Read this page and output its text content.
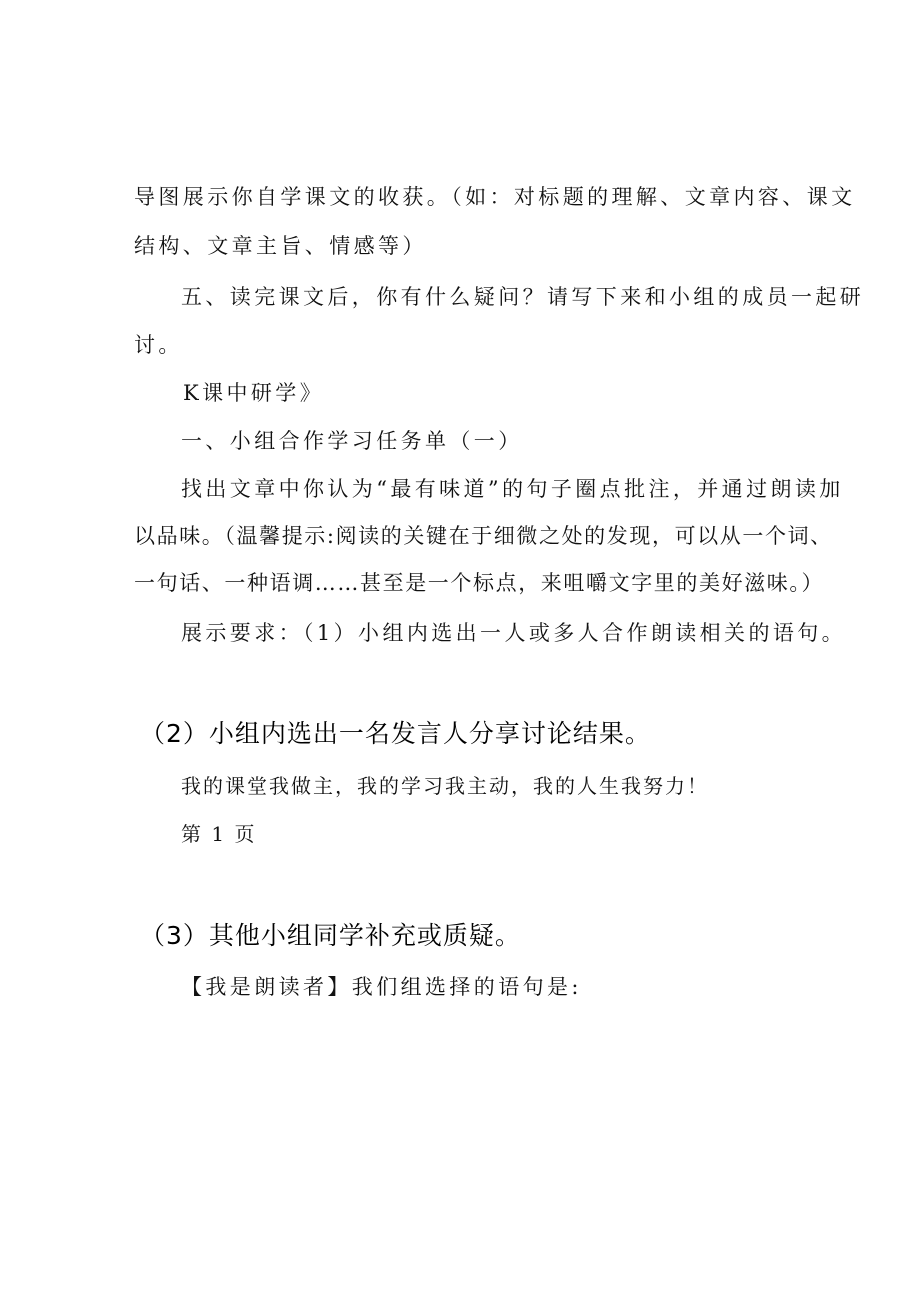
导图展示你自学课文的收获。（如：对标题的理解、文章内容、课文
结构、文章主旨、情感等）
五、读完课文后，你有什么疑问？请写下来和小组的成员一起研
讨。
K课中研学》
一、小组合作学习任务单（一）
找出文章中你认为“最有味道”的句子圈点批注，并通过朗读加
以品味。（温馨提示:阅读的关键在于细微之处的发现，可以从一个词、
一句话、一种语调……甚至是一个标点，来咀嚼文字里的美好滋味。）
展示要求：（1）小组内选出一人或多人合作朗读相关的语句。
（2）小组内选出一名发言人分享讨论结果。
我的课堂我做主，我的学习我主动，我的人生我努力！
第 1 页
（3）其他小组同学补充或质疑。
【我是朗读者】我们组选择的语句是:
